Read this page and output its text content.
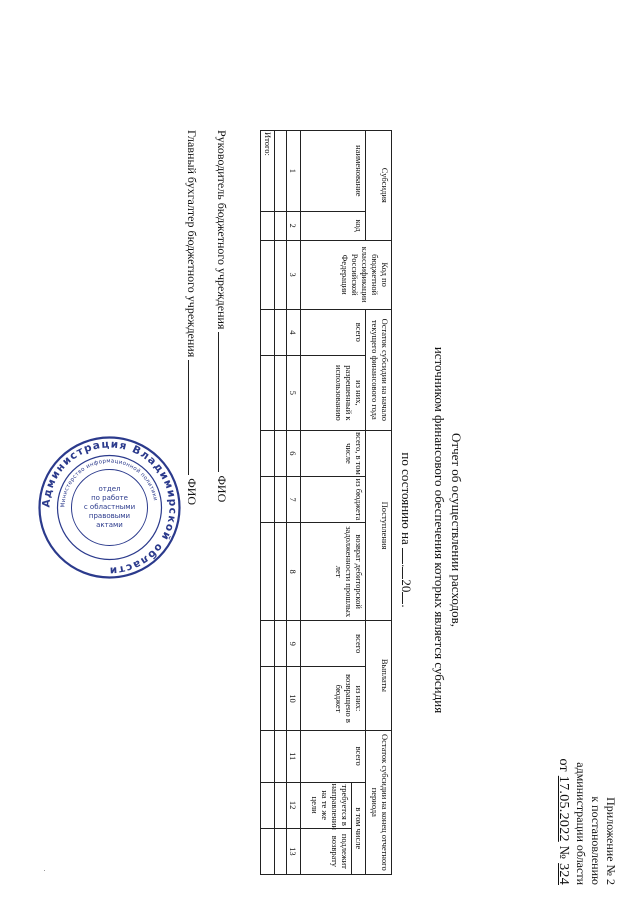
Приложение № 2
к постановлению
администрации области
от 17.05.2022 № 324
Отчет об осуществлении расходов,
источником финансового обеспечения которых является субсидия
по состоянию на .20.
Субсидия		Код по бюджетной классификации Российской Федерации	Остаток субсидии на начало текущего финансового года		Поступления			Выплаты		Остаток субсидии на конец отчетного периода		
наименование	код		всего	из них, разрешенный к использованию	всего, в том числе	из бюджета	возврат дебиторской задолженности прошлых лет	всего	из них: возвращено в бюджет	всего	в том числе	
											требуется в направлении на те же цели	подлежит возврату
1	2	3	4	5	6	7	8	9	10	11	12	13

Итого:												
Руководитель бюджетного учреждения  ФИО
Главный бухгалтер бюджетного учреждения  ФИО
Администрация Владимирской области
Министерство информационной политики
отдел
по работе
с областными
правовыми
актами
